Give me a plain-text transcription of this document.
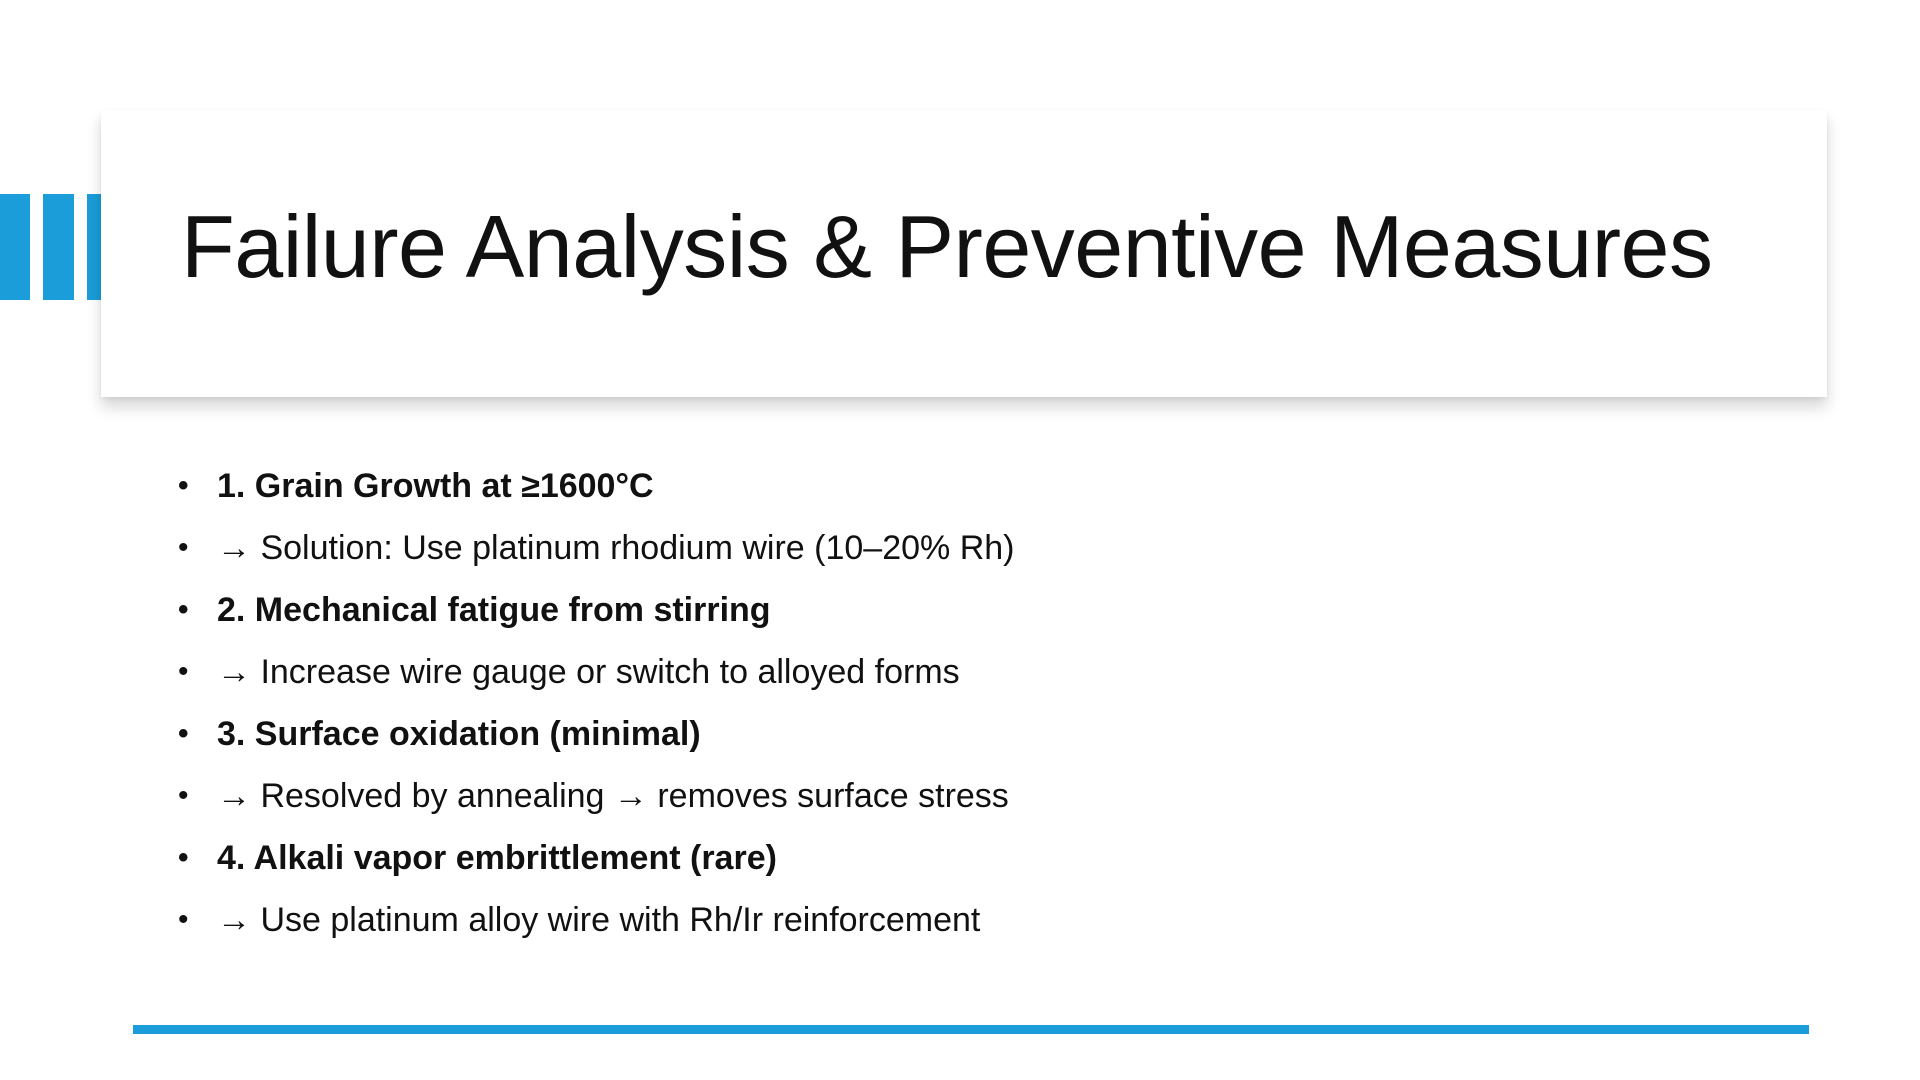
Failure Analysis & Preventive Measures
• 1. Grain Growth at ≥1600°C
• → Solution: Use platinum rhodium wire (10–20% Rh)
• 2. Mechanical fatigue from stirring
• → Increase wire gauge or switch to alloyed forms
• 3. Surface oxidation (minimal)
• → Resolved by annealing → removes surface stress
• 4. Alkali vapor embrittlement (rare)
• → Use platinum alloy wire with Rh/Ir reinforcement
